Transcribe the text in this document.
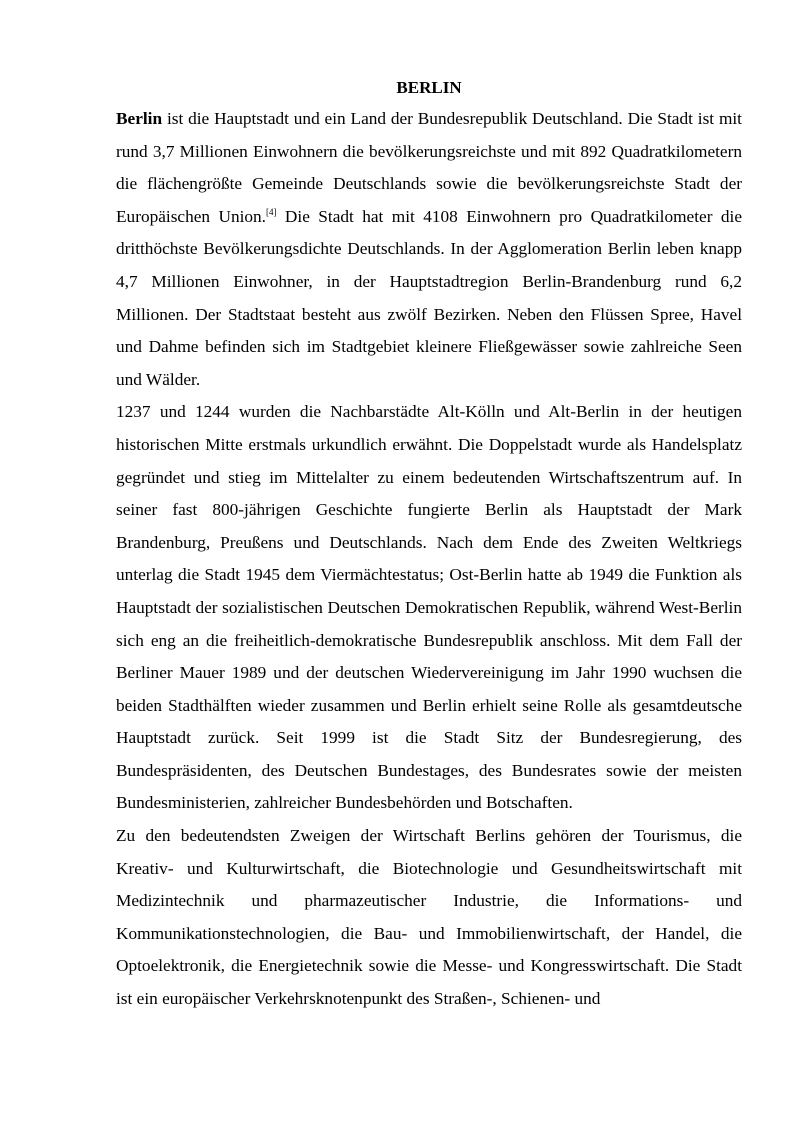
BERLIN

Berlin ist die Hauptstadt und ein Land der Bundesrepublik Deutschland. Die Stadt ist mit rund 3,7 Millionen Einwohnern die bevölkerungsreichste und mit 892 Quadratkilometern die flächengrößte Gemeinde Deutschlands sowie die bevölkerungsreichste Stadt der Europäischen Union.[4] Die Stadt hat mit 4108 Einwohnern pro Quadratkilometer die dritthöchste Bevölkerungsdichte Deutschlands. In der Agglomeration Berlin leben knapp 4,7 Millionen Einwohner, in der Hauptstadtregion Berlin-Brandenburg rund 6,2 Millionen. Der Stadtstaat besteht aus zwölf Bezirken. Neben den Flüssen Spree, Havel und Dahme befinden sich im Stadtgebiet kleinere Fließgewässer sowie zahlreiche Seen und Wälder.

1237 und 1244 wurden die Nachbarstädte Alt-Kölln und Alt-Berlin in der heutigen historischen Mitte erstmals urkundlich erwähnt. Die Doppelstadt wurde als Handelsplatz gegründet und stieg im Mittelalter zu einem bedeutenden Wirtschaftszentrum auf. In seiner fast 800-jährigen Geschichte fungierte Berlin als Hauptstadt der Mark Brandenburg, Preußens und Deutschlands. Nach dem Ende des Zweiten Weltkriegs unterlag die Stadt 1945 dem Viermächtestatus; Ost-Berlin hatte ab 1949 die Funktion als Hauptstadt der sozialistischen Deutschen Demokratischen Republik, während West-Berlin sich eng an die freiheitlich-demokratische Bundesrepublik anschloss. Mit dem Fall der Berliner Mauer 1989 und der deutschen Wiedervereinigung im Jahr 1990 wuchsen die beiden Stadthälften wieder zusammen und Berlin erhielt seine Rolle als gesamtdeutsche Hauptstadt zurück. Seit 1999 ist die Stadt Sitz der Bundesregierung, des Bundespräsidenten, des Deutschen Bundestages, des Bundesrates sowie der meisten Bundesministerien, zahlreicher Bundesbehörden und Botschaften.

Zu den bedeutendsten Zweigen der Wirtschaft Berlins gehören der Tourismus, die Kreativ- und Kulturwirtschaft, die Biotechnologie und Gesundheitswirtschaft mit Medizintechnik und pharmazeutischer Industrie, die Informations- und Kommunikationstechnologien, die Bau- und Immobilienwirtschaft, der Handel, die Optoelektronik, die Energietechnik sowie die Messe- und Kongresswirtschaft. Die Stadt ist ein europäischer Verkehrsknotenpunkt des Straßen-, Schienen- und
